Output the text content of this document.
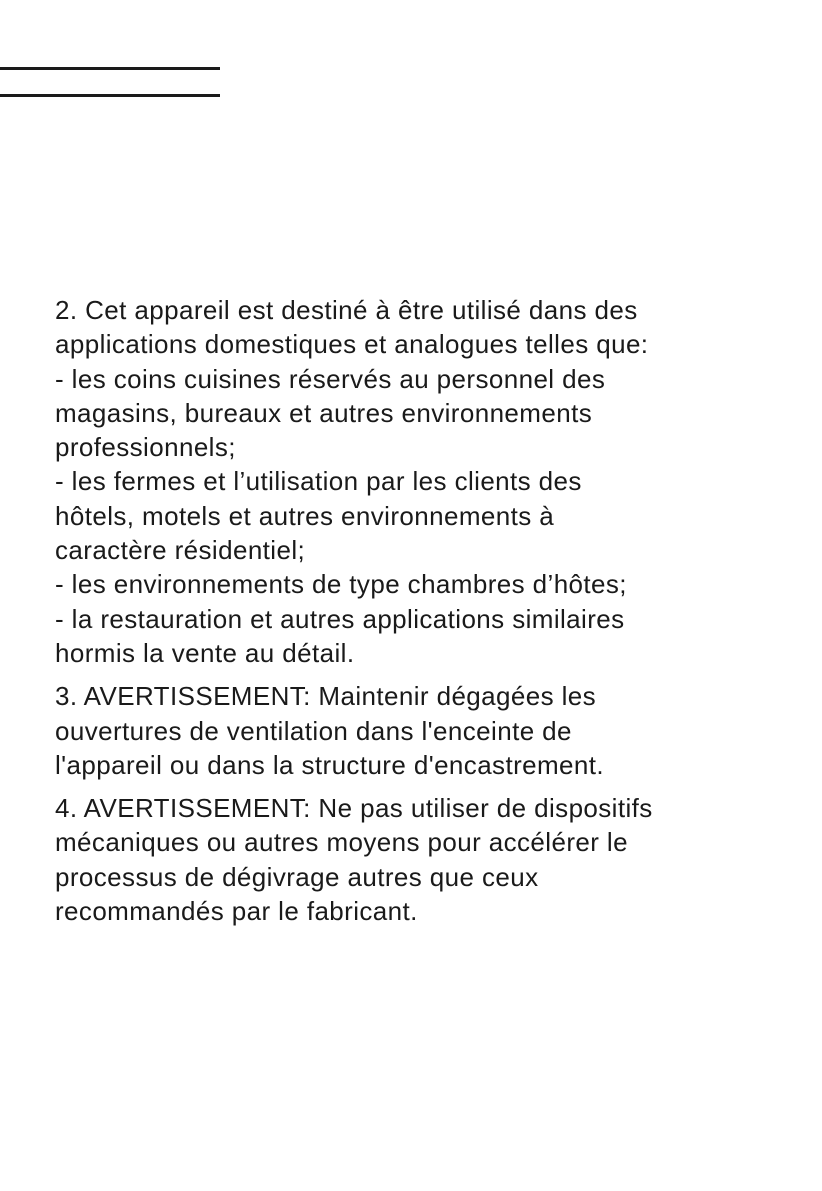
2. Cet appareil est destiné à être utilisé dans des
applications domestiques et analogues telles que:
- les coins cuisines réservés au personnel des
magasins, bureaux et autres environnements
professionnels;
- les fermes et l’utilisation par les clients des
hôtels, motels et autres environnements à
caractère résidentiel;
- les environnements de type chambres d’hôtes;
- la restauration et autres applications similaires
hormis la vente au détail.

3. AVERTISSEMENT: Maintenir dégagées les
ouvertures de ventilation dans l'enceinte de
l'appareil ou dans la structure d'encastrement.

4. AVERTISSEMENT: Ne pas utiliser de dispositifs
mécaniques ou autres moyens pour accélérer le
processus de dégivrage autres que ceux
recommandés par le fabricant.
